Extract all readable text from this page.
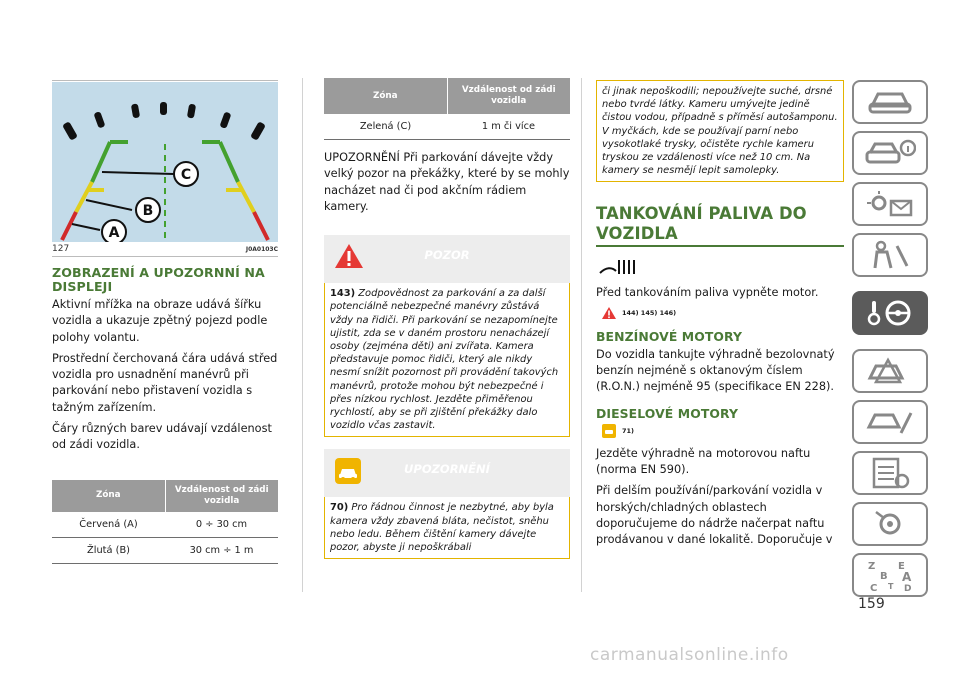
C
B
A
127	J0A0103C
ZOBRAZENÍ A UPOZORNNÍ NA DISPLEJI

Aktivní mřížka na obraze udává šířku vozidla a ukazuje zpětný pojezd podle polohy volantu.

Prostřední čerchovaná čára udává střed vozidla pro usnadnění manévrů při parkování nebo přistavení vozidla s tažným zařízením.

Čáry různých barev udávají vzdálenost od zádi vozidla.

Zóna	Vzdálenost od zádi vozidla
Červená (A)	0 ÷ 30 cm
Žlutá (B)	30 cm ÷ 1 m
Zóna	Vzdálenost od zádi vozidla
Zelená (C)	1 m či více

UPOZORNĚNÍ Při parkování dávejte vždy velký pozor na překážky, které by se mohly nacházet nad či pod akčním rádiem kamery.

POZOR
143) Zodpovědnost za parkování a za další potenciálně nebezpečné manévry zůstává vždy na řidiči. Při parkování se nezapomínejte ujistit, zda se v daném prostoru nenacházejí osoby (zejména děti) ani zvířata. Kamera představuje pomoc řidiči, který ale nikdy nesmí snížit pozornost při provádění takových manévrů, protože mohou být nebezpečné i přes nízkou rychlost. Jezděte přiměřenou rychlostí, aby se při zjištění překážky dalo vozidlo včas zastavit.
UPOZORNĚNÍ
70) Pro řádnou činnost je nezbytné, aby byla kamera vždy zbavená bláta, nečistot, sněhu nebo ledu. Během čištění kamery dávejte pozor, abyste ji nepoškrábali
či jinak nepoškodili; nepoužívejte suché, drsné nebo tvrdé látky. Kameru umývejte jedině čistou vodou, případně s příměsí autošamponu. V myčkách, kde se používají parní nebo vysokotlaké trysky, očistěte rychle kameru tryskou ze vzdálenosti více než 10 cm. Na kamery se nesmějí lepit samolepky.
TANKOVÁNÍ PALIVA DO VOZIDLA

Před tankováním paliva vypněte motor.

144) 145) 146)
BENZÍNOVÉ MOTORY

Do vozidla tankujte výhradně bezolovnatý benzín nejméně s oktanovým číslem (R.O.N.) nejméně 95 (specifikace EN 228).

DIESELOVÉ MOTORY
71)

Jezděte výhradně na motorovou naftu (norma EN 590).

Při delším používání/parkování vozidla v horských/chladných oblastech doporučujeme do nádrže načerpat naftu prodávanou v dané lokalitě. Doporučuje v

Z
B
E
A
C	D
T
159
carmanualsonline.info
